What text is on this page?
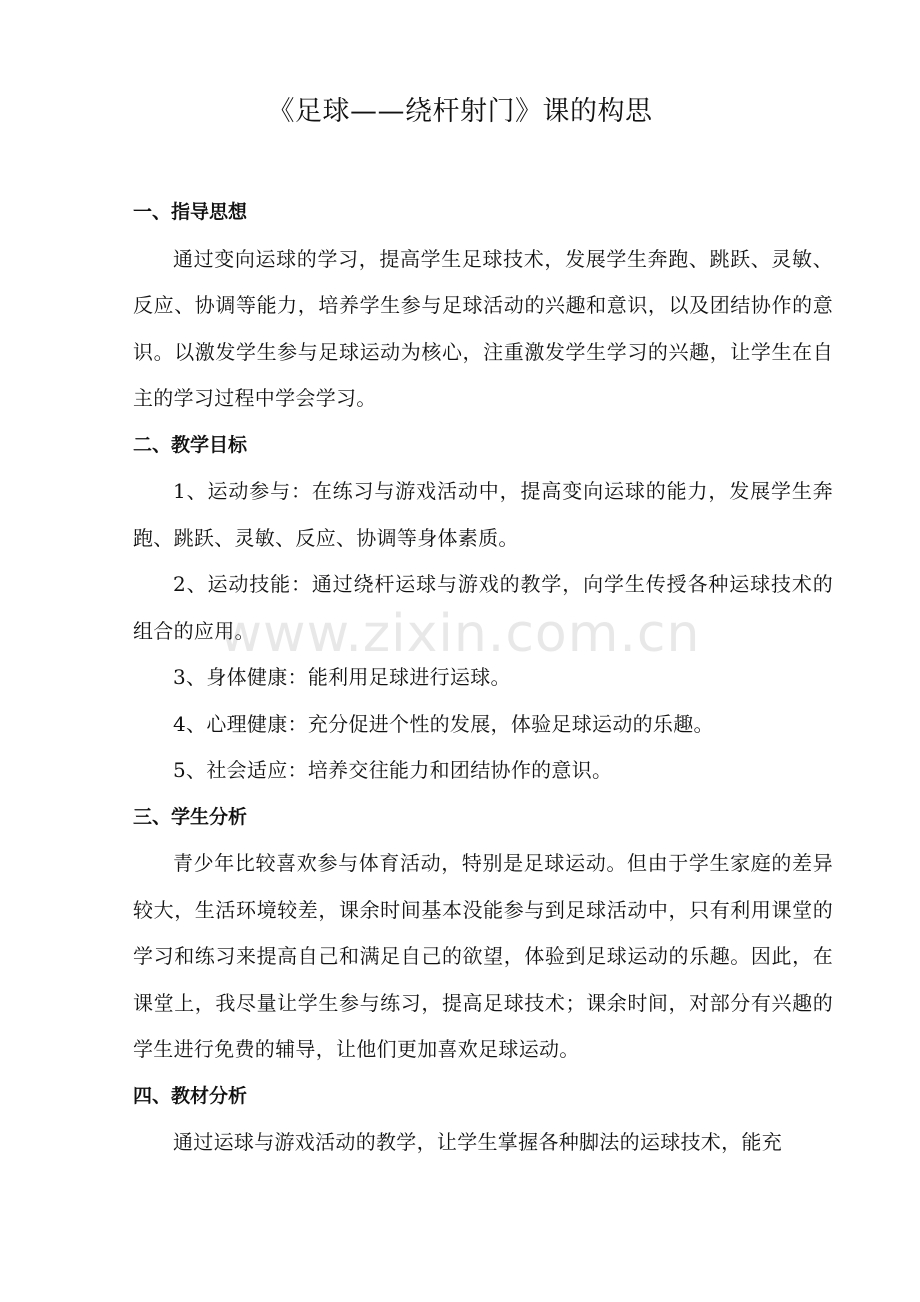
《足球——绕杆射门》课的构思
一、指导思想

通过变向运球的学习，提高学生足球技术，发展学生奔跑、跳跃、灵敏、反应、协调等能力，培养学生参与足球活动的兴趣和意识，以及团结协作的意识。以激发学生参与足球运动为核心，注重激发学生学习的兴趣，让学生在自主的学习过程中学会学习。

二、教学目标

1、运动参与：在练习与游戏活动中，提高变向运球的能力，发展学生奔跑、跳跃、灵敏、反应、协调等身体素质。

2、运动技能：通过绕杆运球与游戏的教学，向学生传授各种运球技术的组合的应用。

3、身体健康：能利用足球进行运球。

4、心理健康：充分促进个性的发展，体验足球运动的乐趣。

5、社会适应：培养交往能力和团结协作的意识。

三、学生分析

青少年比较喜欢参与体育活动，特别是足球运动。但由于学生家庭的差异较大，生活环境较差，课余时间基本没能参与到足球活动中，只有利用课堂的学习和练习来提高自己和满足自己的欲望，体验到足球运动的乐趣。因此，在课堂上，我尽量让学生参与练习，提高足球技术；课余时间，对部分有兴趣的学生进行免费的辅导，让他们更加喜欢足球运动。

四、教材分析

通过运球与游戏活动的教学，让学生掌握各种脚法的运球技术，能充

www.zixin.com.cn
